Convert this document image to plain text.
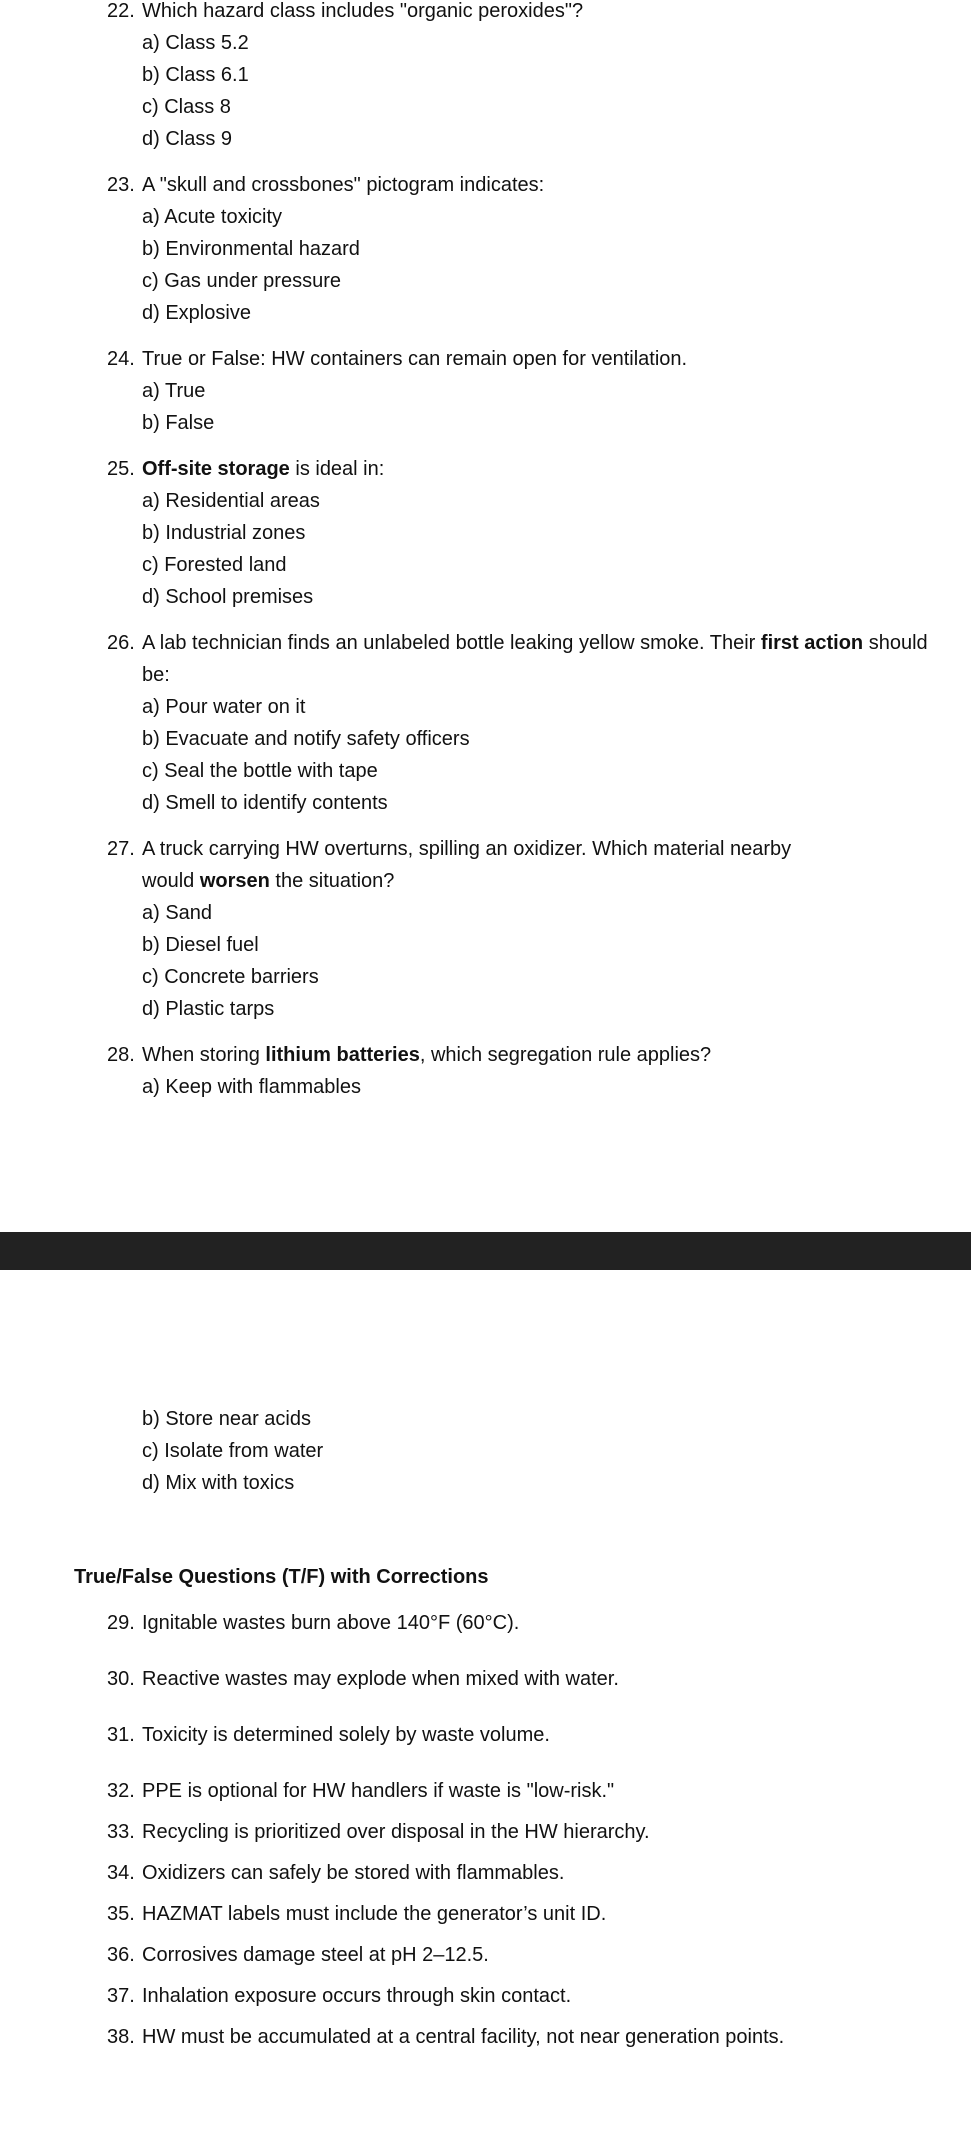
22. Which hazard class includes "organic peroxides"?
a) Class 5.2
b) Class 6.1
c) Class 8
d) Class 9
23. A "skull and crossbones" pictogram indicates:
a) Acute toxicity
b) Environmental hazard
c) Gas under pressure
d) Explosive
24. True or False: HW containers can remain open for ventilation.
a) True
b) False
25. Off-site storage is ideal in:
a) Residential areas
b) Industrial zones
c) Forested land
d) School premises
26. A lab technician finds an unlabeled bottle leaking yellow smoke. Their first action should be:
a) Pour water on it
b) Evacuate and notify safety officers
c) Seal the bottle with tape
d) Smell to identify contents
27. A truck carrying HW overturns, spilling an oxidizer. Which material nearby
would worsen the situation?
a) Sand
b) Diesel fuel
c) Concrete barriers
d) Plastic tarps
28. When storing lithium batteries, which segregation rule applies?
a) Keep with flammables
b) Store near acids
c) Isolate from water
d) Mix with toxics
True/False Questions (T/F) with Corrections
29. Ignitable wastes burn above 140°F (60°C).
30. Reactive wastes may explode when mixed with water.
31. Toxicity is determined solely by waste volume.
32. PPE is optional for HW handlers if waste is "low-risk."
33. Recycling is prioritized over disposal in the HW hierarchy.
34. Oxidizers can safely be stored with flammables.
35. HAZMAT labels must include the generator’s unit ID.
36. Corrosives damage steel at pH 2–12.5.
37. Inhalation exposure occurs through skin contact.
38. HW must be accumulated at a central facility, not near generation points.
